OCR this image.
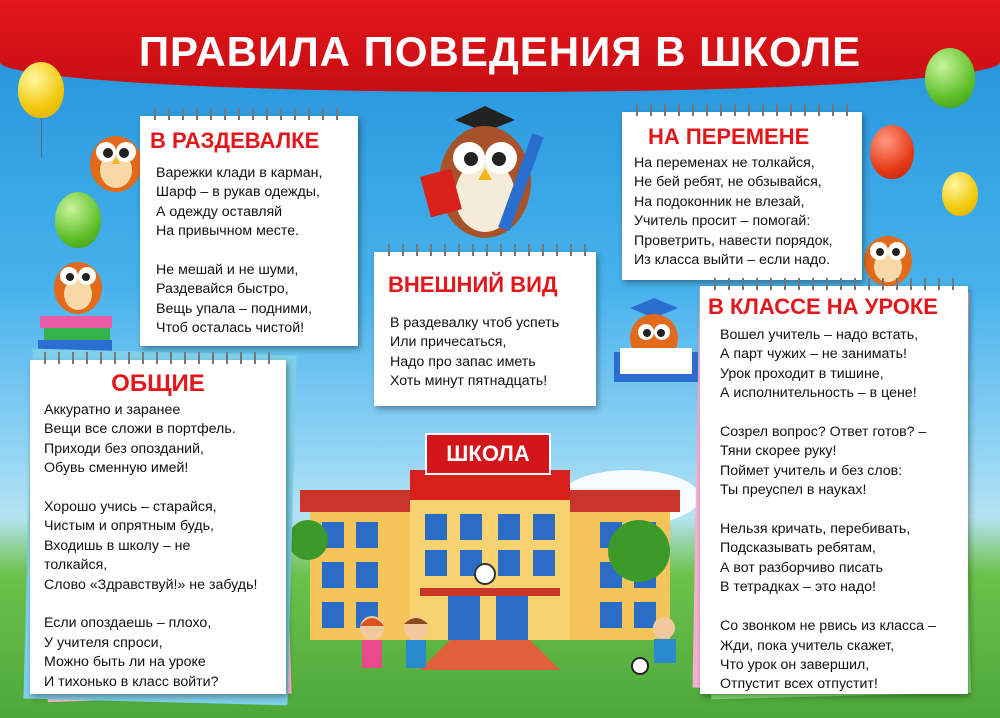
ПРАВИЛА ПОВЕДЕНИЯ В ШКОЛЕ
ШКОЛА
В РАЗДЕВАЛКЕ

Варежки клади в карман,
Шарф – в рукав одежды,
А одежду оставляй
На привычном месте.

Не мешай и не шуми,
Раздевайся быстро,
Вещь упала – подними,
Чтоб осталась чистой!

НА ПЕРЕМЕНЕ

На переменах не толкайся,
Не бей ребят, не обзывайся,
На подоконник не влезай,
Учитель просит – помогай:
Проветрить, навести порядок,
Из класса выйти – если надо.

ВНЕШНИЙ ВИД

В раздевалку чтоб успеть
Или причесаться,
Надо про запас иметь
Хоть минут пятнадцать!

ОБЩИЕ

Аккуратно и заранее
Вещи все сложи в портфель.
Приходи без опозданий,
Обувь сменную имей!

Хорошо учись – старайся,
Чистым и опрятным будь,
Входишь в школу – не
толкайся,
Слово «Здравствуй!» не забудь!

Если опоздаешь – плохо,
У учителя спроси,
Можно быть ли на уроке
И тихонько в класс войти?

В КЛАССЕ НА УРОКЕ

Вошел учитель – надо встать,
А парт чужих – не занимать!
Урок проходит в тишине,
А исполнительность – в цене!

Созрел вопрос? Ответ готов? –
Тяни скорее руку!
Поймет учитель и без слов:
Ты преуспел в науках!

Нельзя кричать, перебивать,
Подсказывать ребятам,
А вот разборчиво писать
В тетрадках – это надо!

Со звонком не рвись из класса –
Жди, пока учитель скажет,
Что урок он завершил,
Отпустит всех отпустит!
